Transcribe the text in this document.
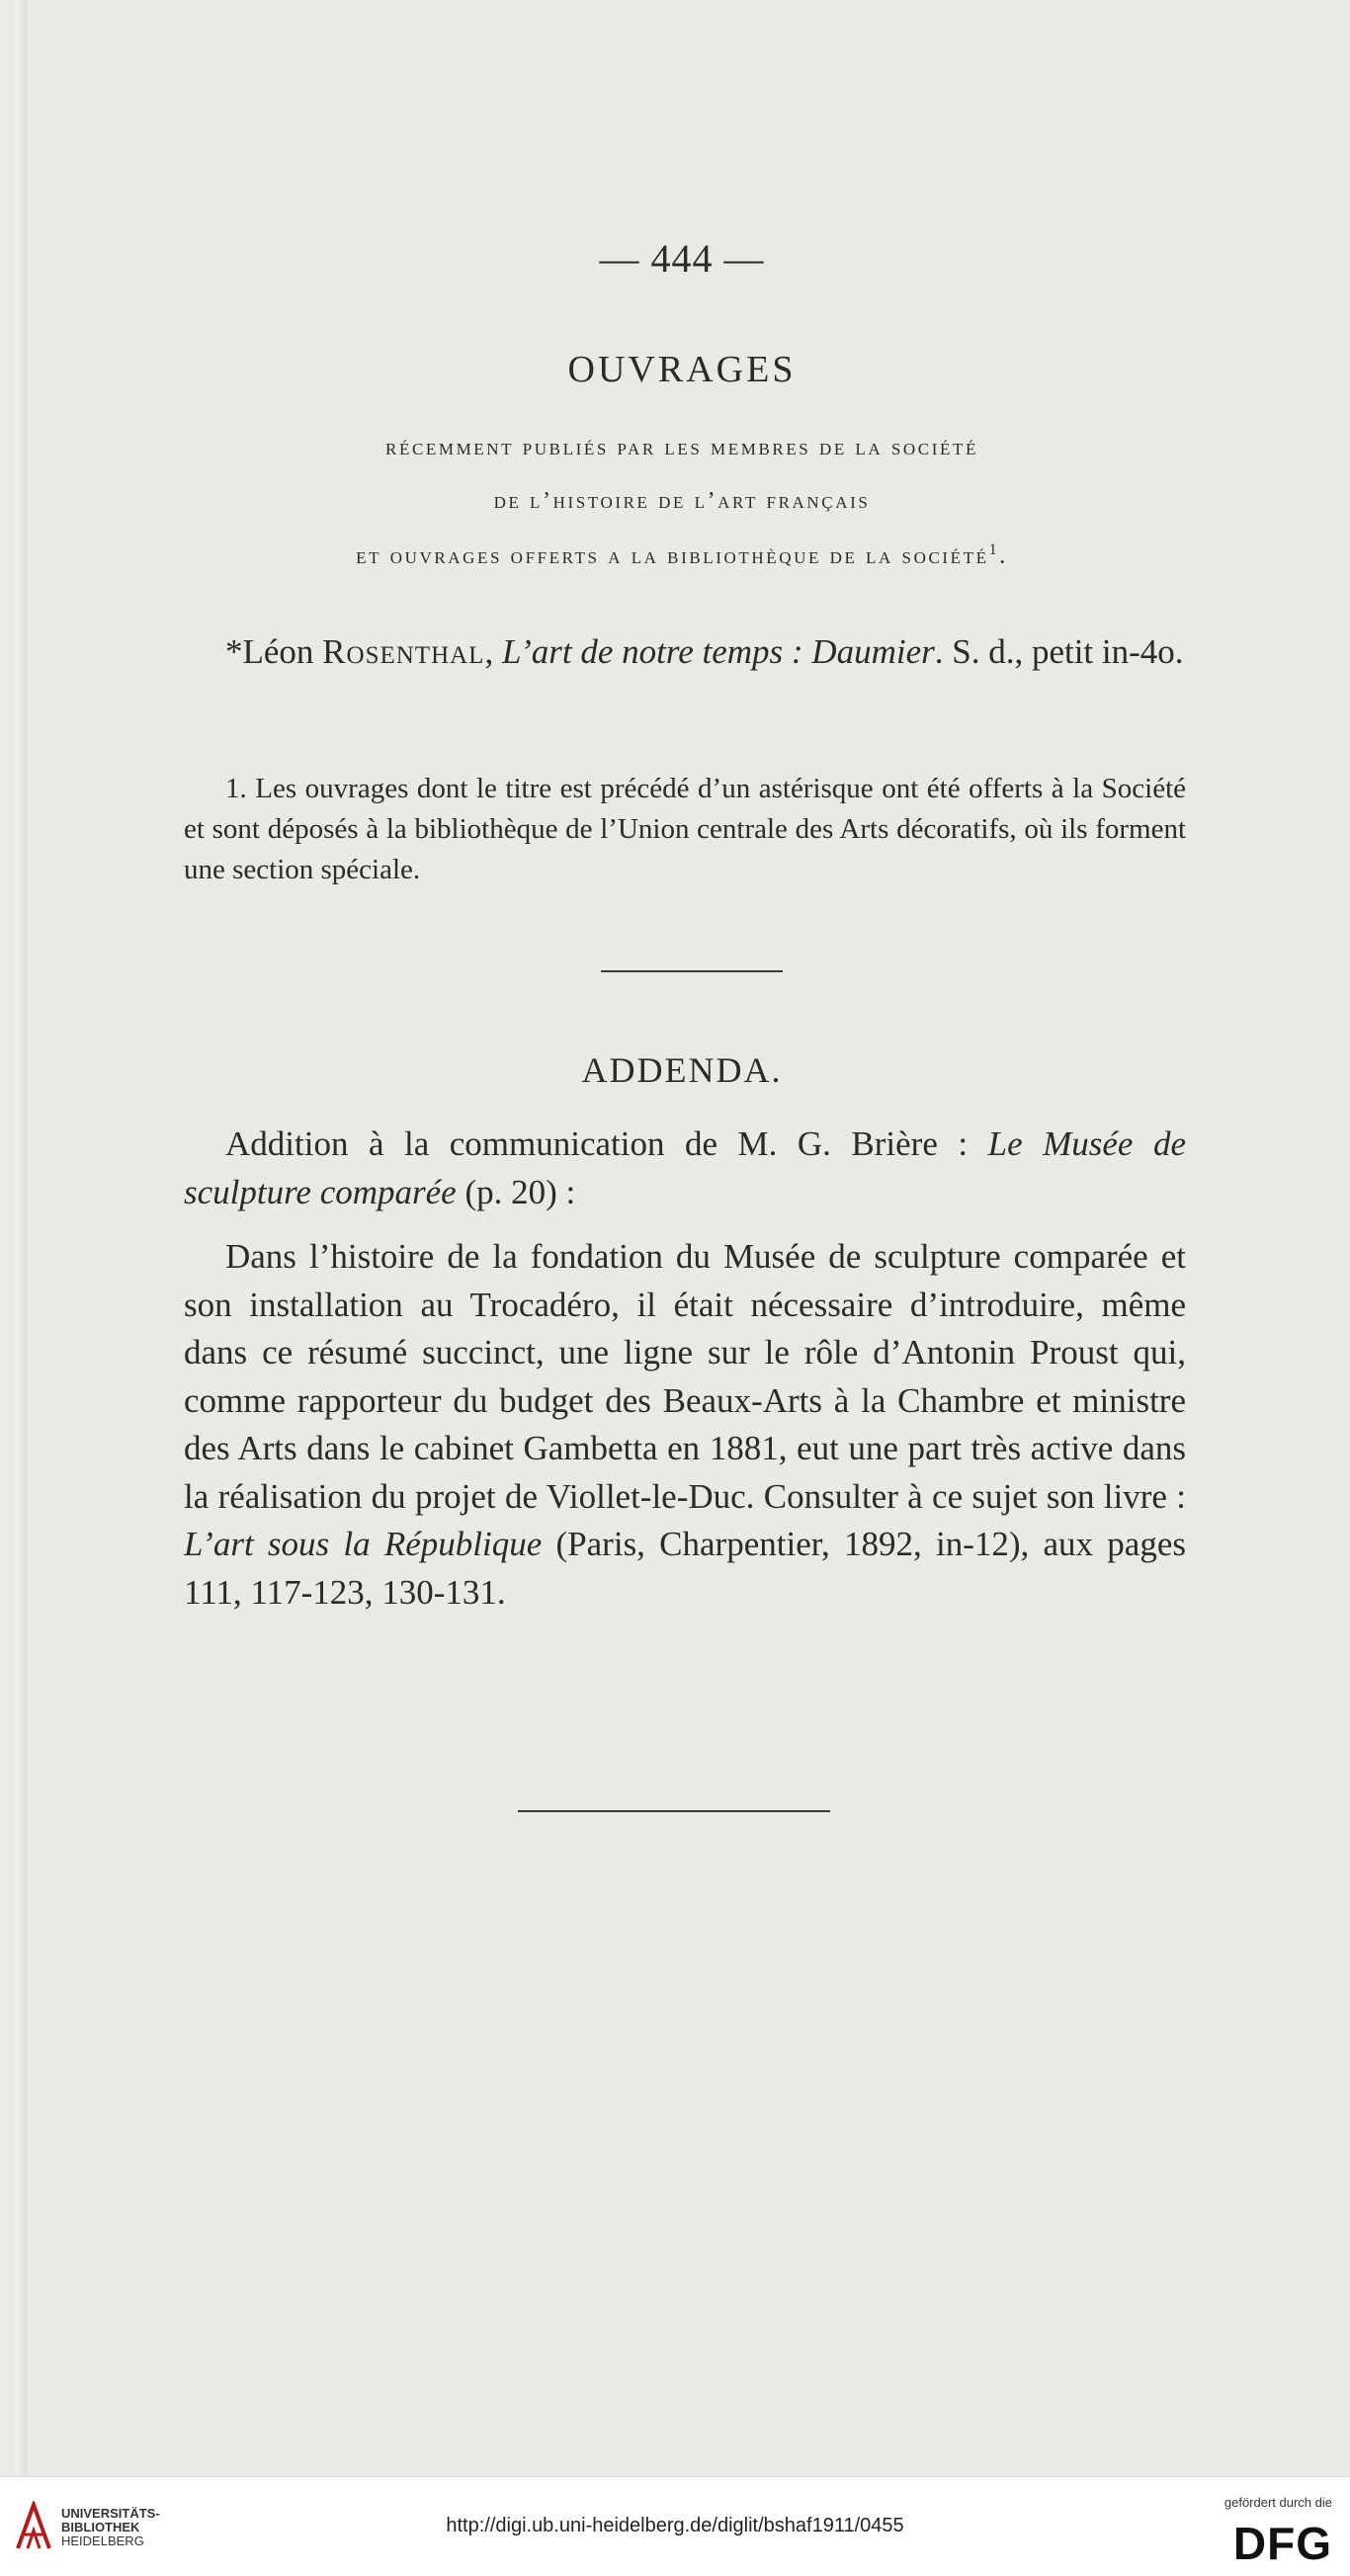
— 444 —
OUVRAGES
récemment publiés par les membres de la société
de l’histoire de l’art français
et ouvrages offerts a la bibliothèque de la société$^1$.
*Léon Rosenthal, L’art de notre temps : Daumier. S. d., petit in-4o.
1. Les ouvrages dont le titre est précédé d’un astérisque ont été offerts à la Société et sont déposés à la bibliothèque de l’Union centrale des Arts décoratifs, où ils forment une section spéciale.
ADDENDA.
Addition à la communication de M. G. Brière : Le Musée de sculpture comparée (p. 20) :
Dans l’histoire de la fondation du Musée de sculpture comparée et son installation au Trocadéro, il était nécessaire d’introduire, même dans ce résumé succinct, une ligne sur le rôle d’Antonin Proust qui, comme rapporteur du budget des Beaux-Arts à la Chambre et ministre des Arts dans le cabinet Gambetta en 1881, eut une part très active dans la réalisation du projet de Viollet-le-Duc. Consulter à ce sujet son livre : L’art sous la République (Paris, Charpentier, 1892, in-12), aux pages 111, 117-123, 130-131.
UNIVERSITÄTS-
BIBLIOTHEK
HEIDELBERG
http://digi.ub.uni-heidelberg.de/diglit/bshaf1911/0455
gefördert durch die
DFG
